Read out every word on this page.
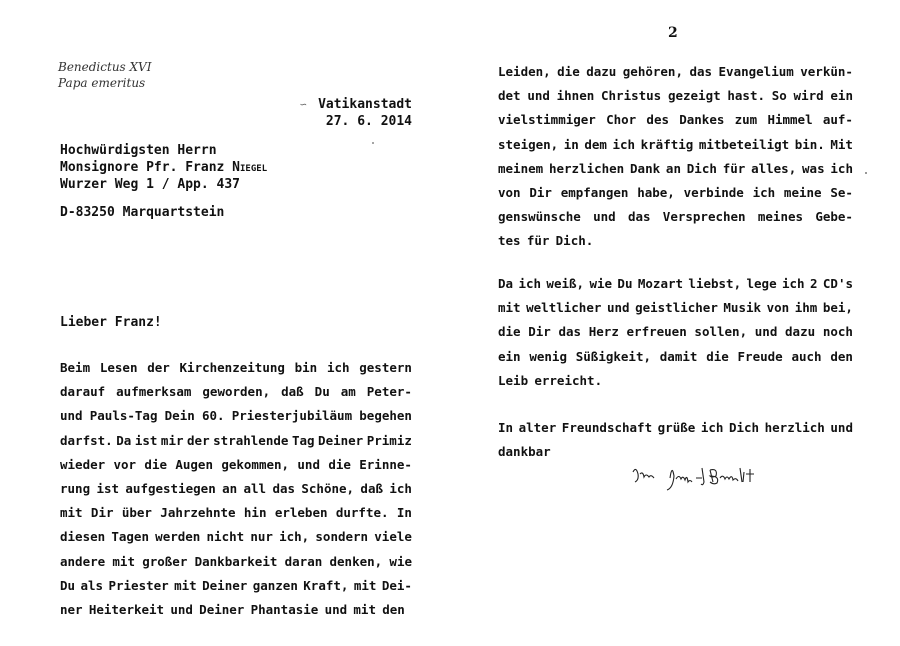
Benedictus XVI
Papa emeritus
∽ Vatikanstadt
27. 6. 2014
Hochwürdigsten Herrn
Monsignore Pfr. Franz Niegel
Wurzer Weg 1 / App. 437
D-83250 Marquartstein
Lieber Franz!
Beim Lesen der Kirchenzeitung bin ich gestern
darauf aufmerksam geworden, daß Du am Peter-
und Pauls-Tag Dein 60. Priesterjubiläum begehen
darfst. Da ist mir der strahlende Tag Deiner Primiz
wieder vor die Augen gekommen, und die Erinne-
rung ist aufgestiegen an all das Schöne, daß ich
mit Dir über Jahrzehnte hin erleben durfte. In
diesen Tagen werden nicht nur ich, sondern viele
andere mit großer Dankbarkeit daran denken, wie
Du als Priester mit Deiner ganzen Kraft, mit Dei-
ner Heiterkeit und Deiner Phantasie und mit den
2
Leiden, die dazu gehören, das Evangelium verkün-
det und ihnen Christus gezeigt hast. So wird ein
vielstimmiger Chor des Dankes zum Himmel auf-
steigen, in dem ich kräftig mitbeteiligt bin. Mit
meinem herzlichen Dank an Dich für alles, was ich
von Dir empfangen habe, verbinde ich meine Se-
genswünsche und das Versprechen meines Gebe-
tes für Dich.
Da ich weiß, wie Du Mozart liebst, lege ich 2 CD's
mit weltlicher und geistlicher Musik von ihm bei,
die Dir das Herz erfreuen sollen, und dazu noch
ein wenig Süßigkeit, damit die Freude auch den
Leib erreicht.
In alter Freundschaft grüße ich Dich herzlich und
dankbar
